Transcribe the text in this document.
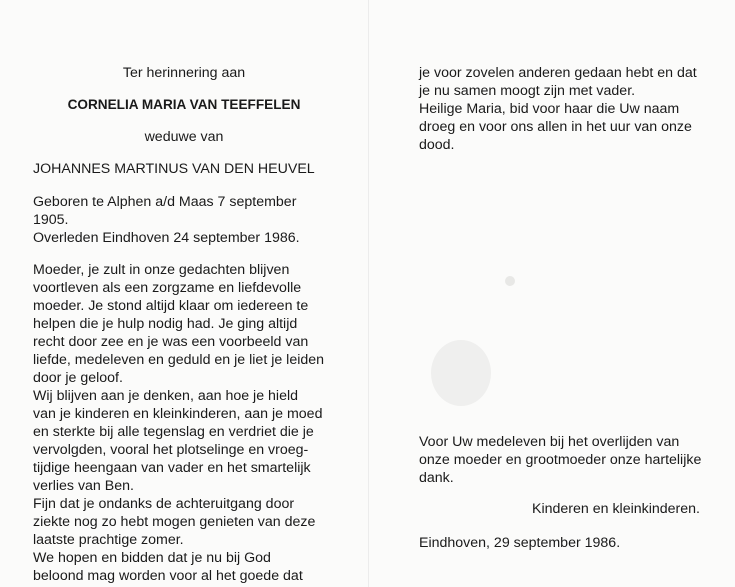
Ter herinnering aan
CORNELIA MARIA VAN TEEFFELEN
weduwe van
JOHANNES MARTINUS VAN DEN HEUVEL
Geboren te Alphen a/d Maas 7 september
1905.
Overleden Eindhoven 24 september 1986.
Moeder, je zult in onze gedachten blijven
voortleven als een zorgzame en liefdevolle
moeder. Je stond altijd klaar om iedereen te
helpen die je hulp nodig had. Je ging altijd
recht door zee en je was een voorbeeld van
liefde, medeleven en geduld en je liet je leiden
door je geloof.
Wij blijven aan je denken, aan hoe je hield
van je kinderen en kleinkinderen, aan je moed
en sterkte bij alle tegenslag en verdriet die je
vervolgden, vooral het plotselinge en vroeg-
tijdige heengaan van vader en het smartelijk
verlies van Ben.
Fijn dat je ondanks de achteruitgang door
ziekte nog zo hebt mogen genieten van deze
laatste prachtige zomer.
We hopen en bidden dat je nu bij God
beloond mag worden voor al het goede dat
je voor zovelen anderen gedaan hebt en dat
je nu samen moogt zijn met vader.
Heilige Maria, bid voor haar die Uw naam
droeg en voor ons allen in het uur van onze
dood.
Voor Uw medeleven bij het overlijden van
onze moeder en grootmoeder onze hartelijke
dank.
Kinderen en kleinkinderen.
Eindhoven, 29 september 1986.
